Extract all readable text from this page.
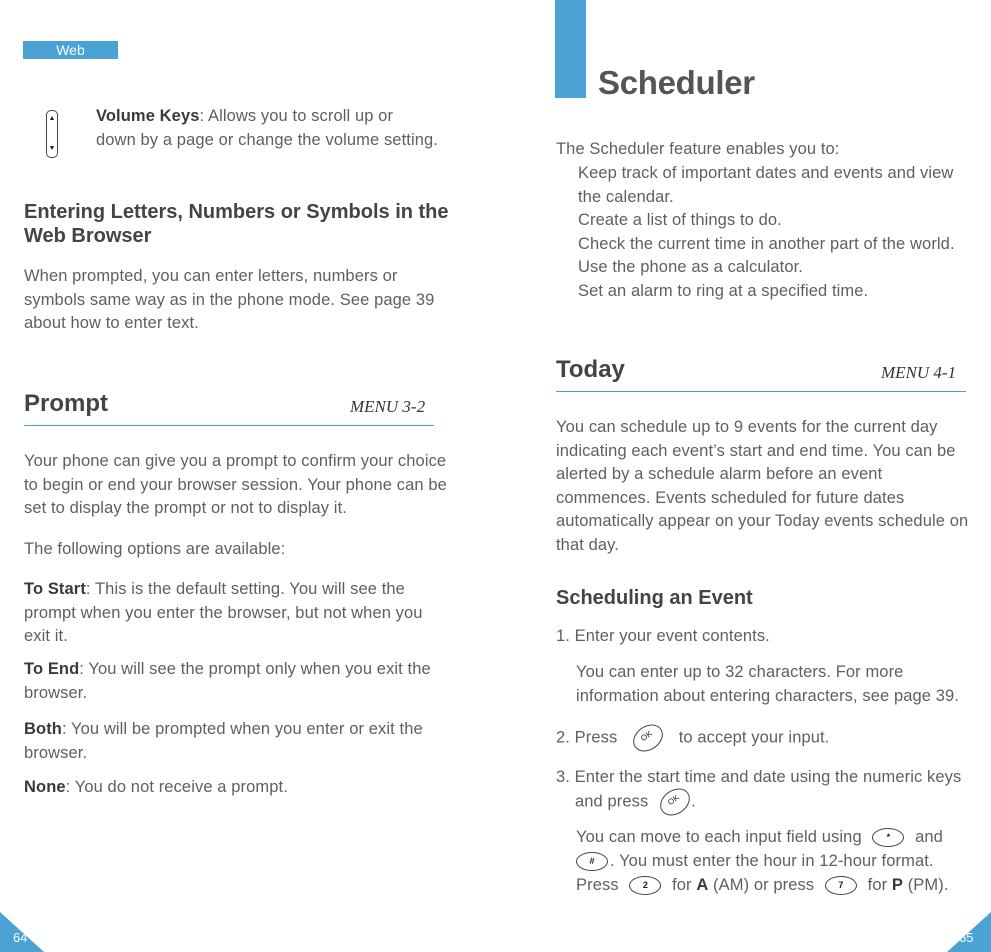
Web
▲
▼
Volume Keys: Allows you to scroll up or
down by a page or change the volume setting.
Entering Letters, Numbers or Symbols in the
Web Browser
When prompted, you can enter letters, numbers or
symbols same way as in the phone mode. See page 39
about how to enter text.
Prompt	MENU 3-2
Your phone can give you a prompt to confirm your choice
to begin or end your browser session. Your phone can be
set to display the prompt or not to display it.
The following options are available:
To Start: This is the default setting. You will see the
prompt when you enter the browser, but not when you
exit it.
To End: You will see the prompt only when you exit the
browser.
Both: You will be prompted when you enter or exit the
browser.
None: You do not receive a prompt.
64
Scheduler
The Scheduler feature enables you to:
Keep track of important dates and events and view
the calendar.
Create a list of things to do.
Check the current time in another part of the world.
Use the phone as a calculator.
Set an alarm to ring at a specified time.
Today	MENU 4-1
You can schedule up to 9 events for the current day
indicating each event’s start and end time. You can be
alerted by a schedule alarm before an event
commences. Events scheduled for future dates
automatically appear on your Today events schedule on
that day.
Scheduling an Event
1. Enter your event contents.
You can enter up to 32 characters. For more
information about entering characters, see page 39.
2. Press	OK to accept your input.
3. Enter the start time and date using the numeric keys
and press OK .
You can move to each input field using	* and
# . You must enter the hour in 12-hour format.
Press	2 for A (AM) or press	7 for P (PM).
65
